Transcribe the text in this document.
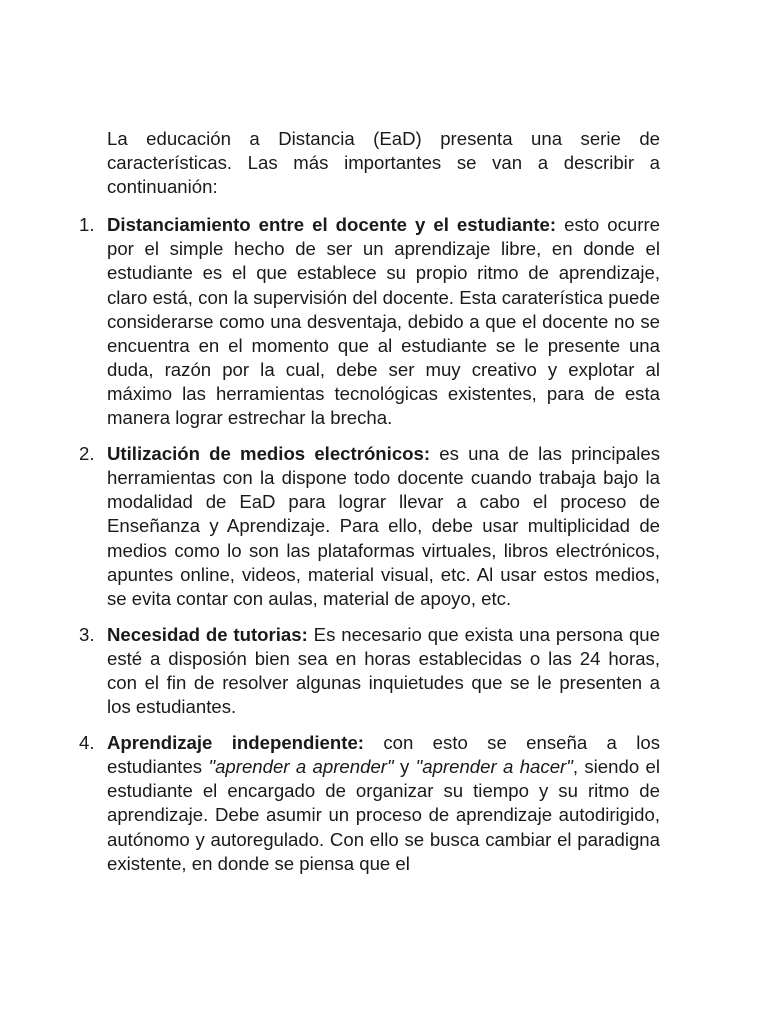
La educación a Distancia (EaD) presenta una serie de características. Las más importantes se van a describir a continuanión:

1. Distanciamiento entre el docente y el estudiante: esto ocurre por el simple hecho de ser un aprendizaje libre, en donde el estudiante es el que establece su propio ritmo de aprendizaje, claro está, con la supervisión del docente. Esta caraterística puede considerarse como una desventaja, debido a que el docente no se encuentra en el momento que al estudiante se le presente una duda, razón por la cual, debe ser muy creativo y explotar al máximo las herramientas tecnológicas existentes, para de esta manera lograr estrechar la brecha.

2. Utilización de medios electrónicos: es una de las principales herramientas con la dispone todo docente cuando trabaja bajo la modalidad de EaD para lograr llevar a cabo el proceso de Enseñanza y Aprendizaje. Para ello, debe usar multiplicidad de medios como lo son las plataformas virtuales, libros electrónicos, apuntes online, videos, material visual, etc. Al usar estos medios, se evita contar con aulas, material de apoyo, etc.

3. Necesidad de tutorias: Es necesario que exista una persona que esté a disposión bien sea en horas establecidas o las 24 horas, con el fin de resolver algunas inquietudes que se le presenten a los estudiantes.

4. Aprendizaje independiente: con esto se enseña a los estudiantes "aprender a aprender" y "aprender a hacer", siendo el estudiante el encargado de organizar su tiempo y su ritmo de aprendizaje. Debe asumir un proceso de aprendizaje autodirigido, autónomo y autoregulado. Con ello se busca cambiar el paradigna existente, en donde se piensa que el
